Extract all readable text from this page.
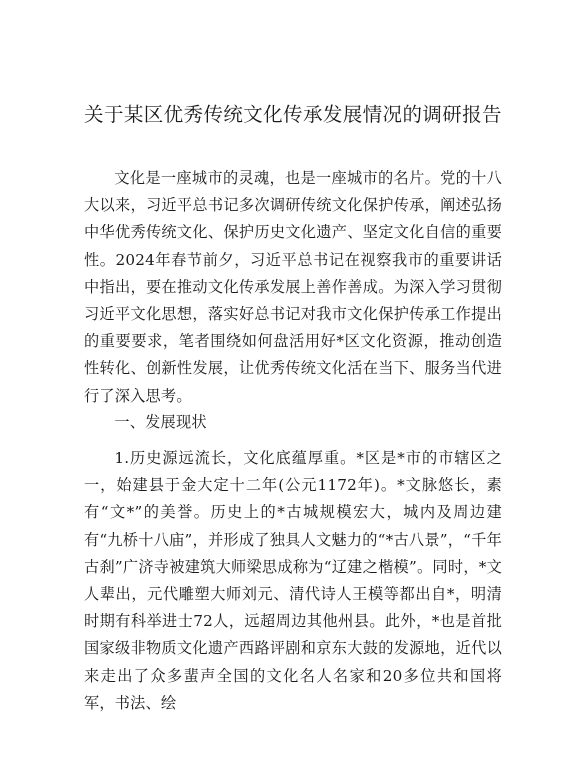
关于某区优秀传统文化传承发展情况的调研报告

文化是一座城市的灵魂，也是一座城市的名片。党的十八大以来，习近平总书记多次调研传统文化保护传承，阐述弘扬中华优秀传统文化、保护历史文化遗产、坚定文化自信的重要性。2024年春节前夕，习近平总书记在视察我市的重要讲话中指出，要在推动文化传承发展上善作善成。为深入学习贯彻习近平文化思想，落实好总书记对我市文化保护传承工作提出的重要要求，笔者围绕如何盘活用好*区文化资源，推动创造性转化、创新性发展，让优秀传统文化活在当下、服务当代进行了深入思考。

一、发展现状

1.历史源远流长，文化底蕴厚重。*区是*市的市辖区之一，始建县于金大定十二年(公元1172年)。*文脉悠长，素有“文*”的美誉。历史上的*古城规模宏大，城内及周边建有“九桥十八庙”，并形成了独具人文魅力的“*古八景”，“千年古刹”广济寺被建筑大师梁思成称为“辽建之楷模”。同时，*文人辈出，元代雕塑大师刘元、清代诗人王模等都出自*，明清时期有科举进士72人，远超周边其他州县。此外，*也是首批国家级非物质文化遗产西路评剧和京东大鼓的发源地，近代以来走出了众多蜚声全国的文化名人名家和20多位共和国将军，书法、绘
